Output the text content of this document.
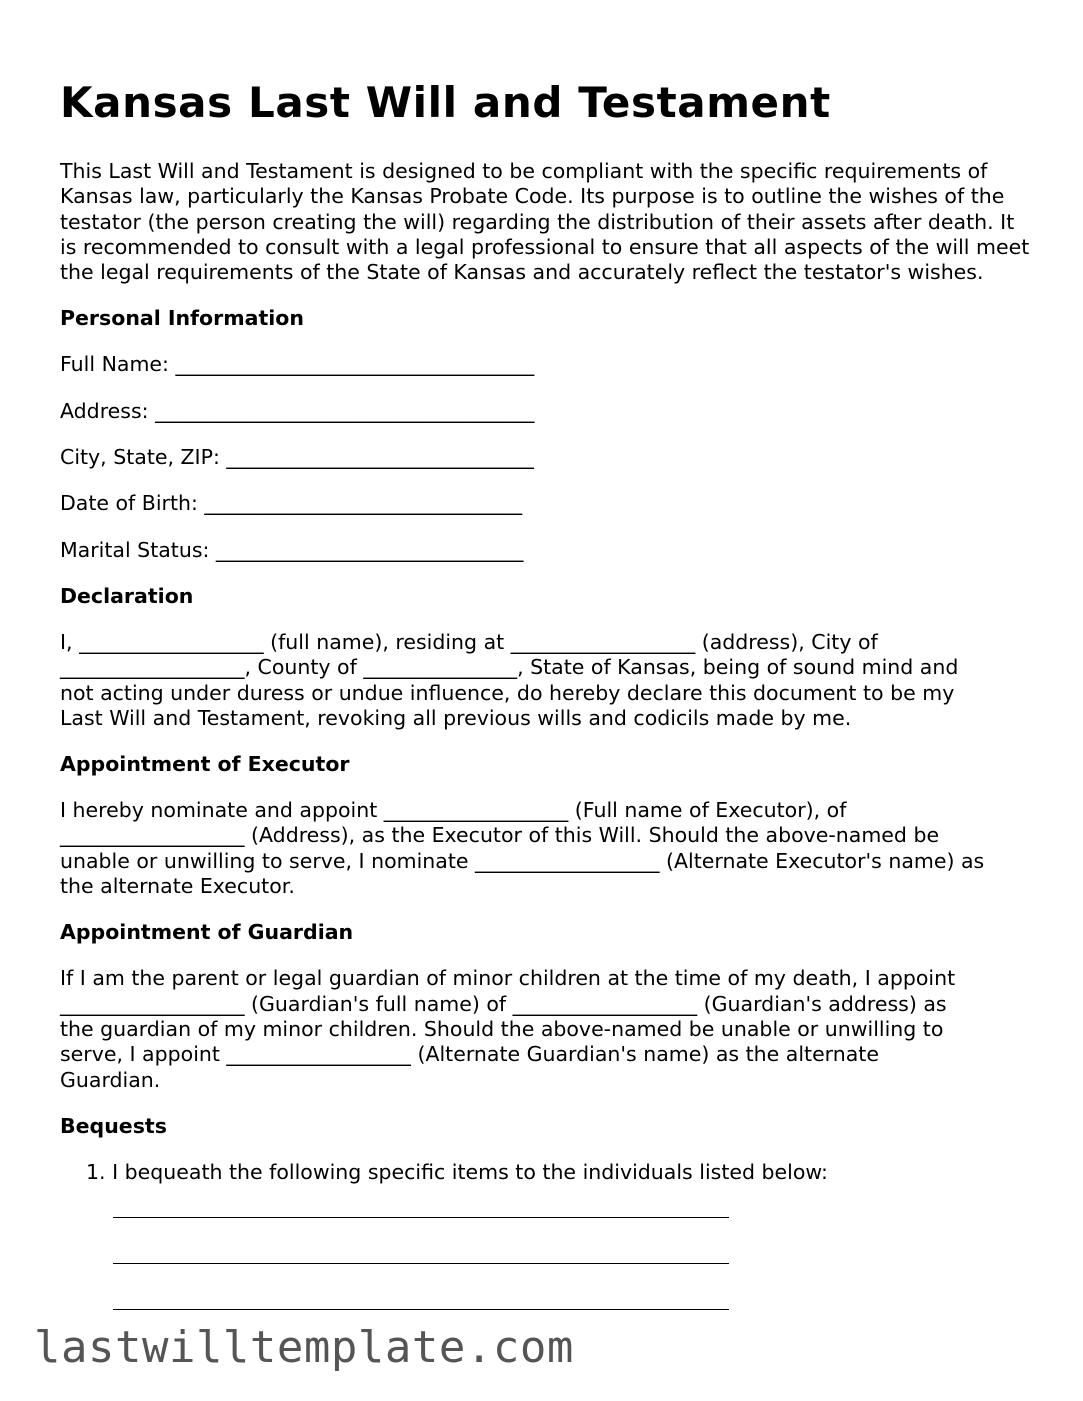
Kansas Last Will and Testament

This Last Will and Testament is designed to be compliant with the specific requirements of Kansas law, particularly the Kansas Probate Code. Its purpose is to outline the wishes of the testator (the person creating the will) regarding the distribution of their assets after death. It is recommended to consult with a legal professional to ensure that all aspects of the will meet the legal requirements of the State of Kansas and accurately reflect the testator's wishes.

Personal Information

Full Name: ___________________________________

Address: _____________________________________

City, State, ZIP: ______________________________

Date of Birth: _______________________________

Marital Status: ______________________________

Declaration

I, __________________ (full name), residing at __________________ (address), City of

__________________, County of _______________, State of Kansas, being of sound mind and

not acting under duress or undue influence, do hereby declare this document to be my

Last Will and Testament, revoking all previous wills and codicils made by me.

Appointment of Executor

I hereby nominate and appoint __________________ (Full name of Executor), of

__________________ (Address), as the Executor of this Will. Should the above-named be

unable or unwilling to serve, I nominate __________________ (Alternate Executor's name) as

the alternate Executor.

Appointment of Guardian

If I am the parent or legal guardian of minor children at the time of my death, I appoint

__________________ (Guardian's full name) of __________________ (Guardian's address) as

the guardian of my minor children. Should the above-named be unable or unwilling to

serve, I appoint __________________ (Alternate Guardian's name) as the alternate

Guardian.

Bequests

1. I bequeath the following specific items to the individuals listed below:

lastwilltemplate.com
